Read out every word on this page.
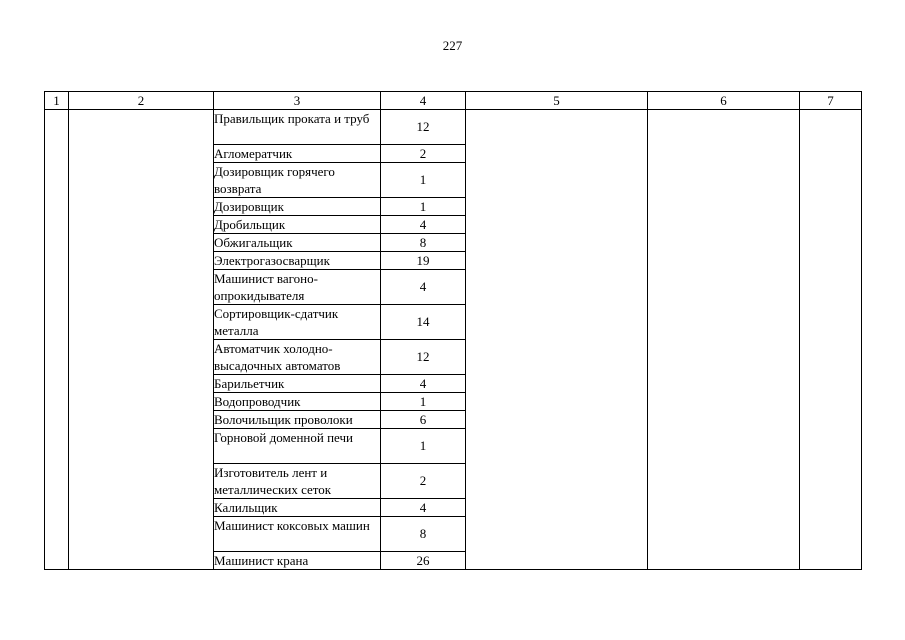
227
1	2	3	4	5	6	7
		Правильщик проката и труб	12			
		Агломератчик	2			
		Дозировщик горячего возврата	1			
		Дозировщик	1			
		Дробильщик	4			
		Обжигальщик	8			
		Электрогазосварщик	19			
		Машинист вагоно-опрокидывателя	4			
		Сортировщик-сдатчик металла	14			
		Автоматчик холодно-высадочных автоматов	12			
		Барильетчик	4			
		Водопроводчик	1			
		Волочильщик проволоки	6			
		Горновой доменной печи	1			
		Изготовитель лент и металлических сеток	2			
		Калильщик	4			
		Машинист коксовых машин	8			
		Машинист крана	26			
